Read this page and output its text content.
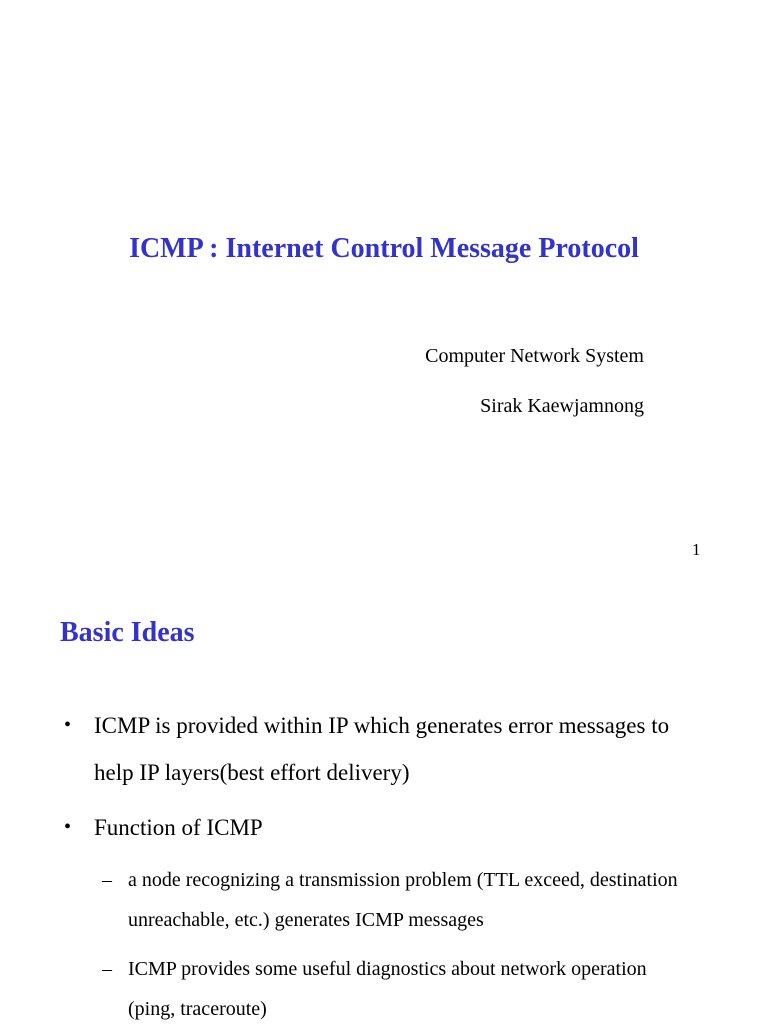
ICMP : Internet Control Message Protocol
Computer Network System
Sirak Kaewjamnong
1
Basic Ideas
• ICMP is provided within IP which generates error messages to help IP layers(best effort delivery)
• Function of ICMP
– a node recognizing a transmission problem (TTL exceed, destination unreachable, etc.) generates ICMP messages
– ICMP provides some useful diagnostics about network operation (ping, traceroute)
